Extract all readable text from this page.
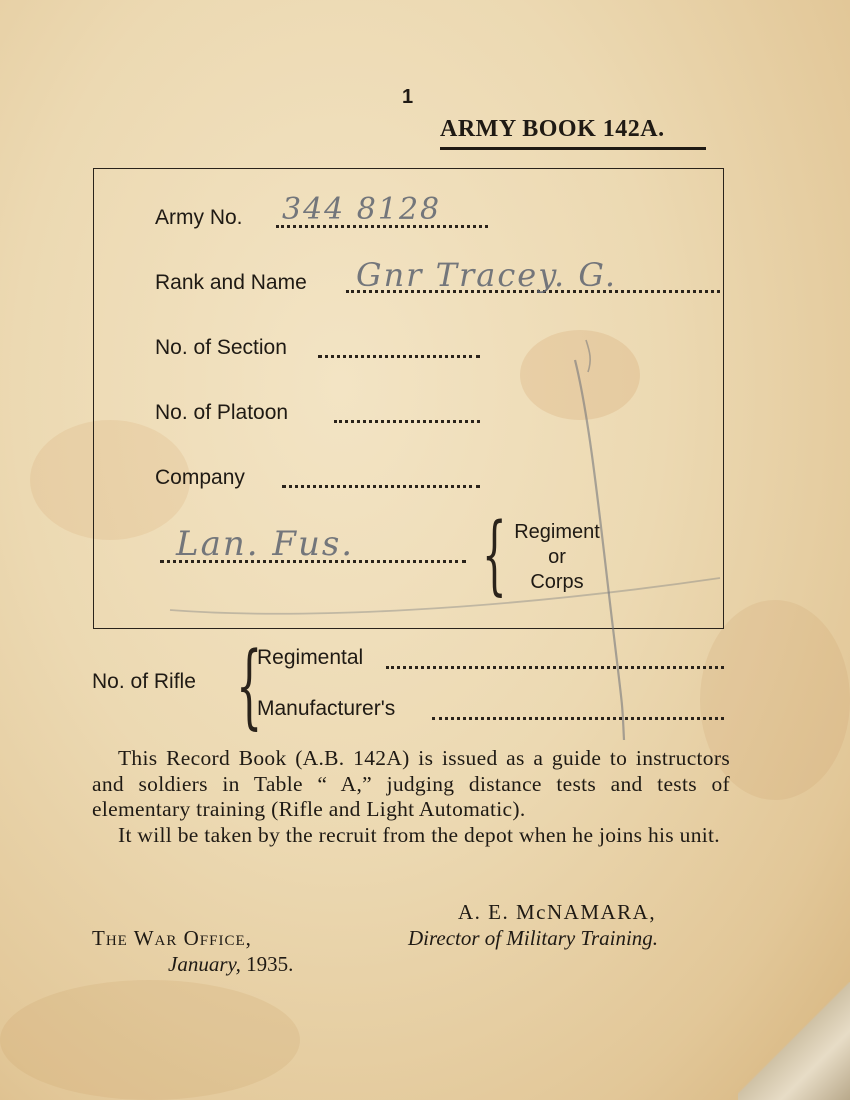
1
ARMY BOOK 142A.
Army No. 344 8128
Rank and Name Gnr Tracey. G.
No. of Section
No. of Platoon
Company
Lan. Fus. { Regiment
or
Corps
No. of Rifle {
Regimental
Manufacturer's

This Record Book (A.B. 142A) is issued as a guide to instructors and soldiers in Table “ A,” judging distance tests and tests of elementary training (Rifle and Light Automatic).

It will be taken by the recruit from the depot when he joins his unit.

A. E. McNAMARA,
Director of Military Training.
The War Office,
January, 1935.
